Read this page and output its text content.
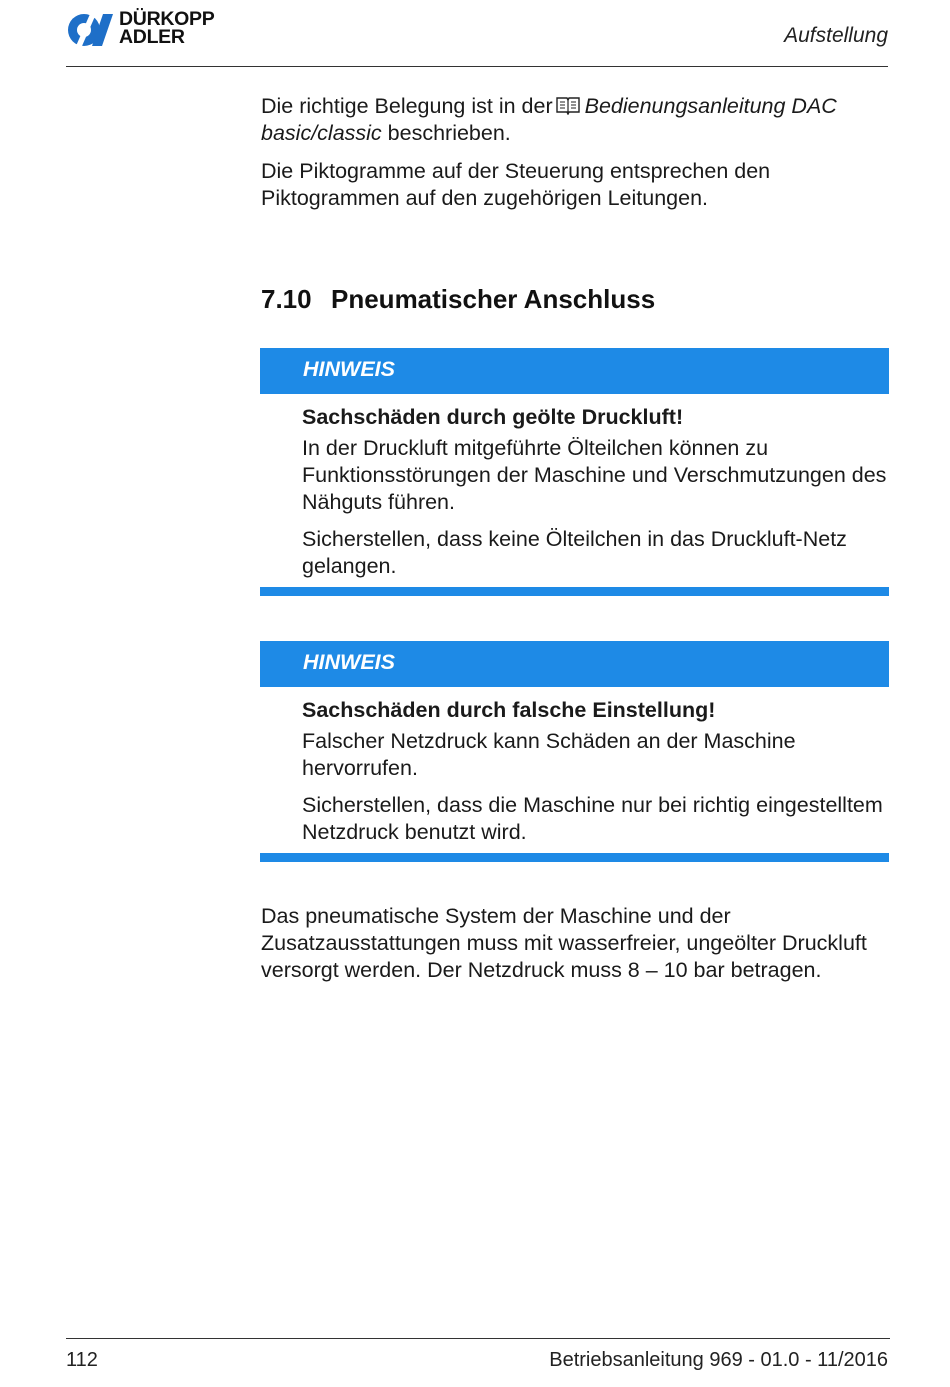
DÜRKOPP
ADLER	Aufstellung

Die richtige Belegung ist in der Bedienungsanleitung DAC basic/classic beschrieben.

Die Piktogramme auf der Steuerung entsprechen den Piktogrammen auf den zugehörigen Leitungen.

7.10 Pneumatischer Anschluss
HINWEIS
Sachschäden durch geölte Druckluft!

In der Druckluft mitgeführte Ölteilchen können zu Funktionsstörungen der Maschine und Verschmutzungen des Nähguts führen.

Sicherstellen, dass keine Ölteilchen in das Druckluft-Netz gelangen.

HINWEIS
Sachschäden durch falsche Einstellung!

Falscher Netzdruck kann Schäden an der Maschine hervorrufen.

Sicherstellen, dass die Maschine nur bei richtig eingestelltem Netzdruck benutzt wird.

Das pneumatische System der Maschine und der Zusatzausstattungen muss mit wasserfreier, ungeölter Druckluft versorgt werden. Der Netzdruck muss 8 – 10 bar betragen.

112	Betriebsanleitung 969 - 01.0 - 11/2016
